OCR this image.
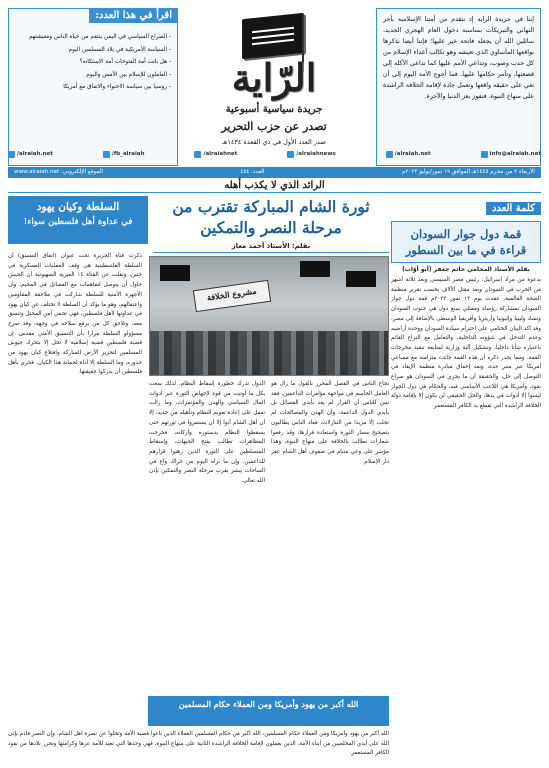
إننا في جريدة الراية إذ نتقدم من أمتنا الإسلامية بأحر التهاني والتبريكات بمناسبة دخول العام الهجري الجديد، سائلين الله أن يجعله فاتحة خير عليها؛ فإننا أيضا نذكرها بواقعها المأساوي الذي تعيشه وهو تكالب أعداء الإسلام من كل حدب وصوب، وتداعي الأمم عليها كما تداعى الأكلة إلى قصعتها، وتآمر حكامها عليها. فما أحوج الأمة اليوم إلى أن تعي على حقيقة واقعها وتعمل جادة لإقامة الخلافة الراشدة على منهاج النبوة، فنفوز بعز الدنيا والآخرة.

الرّاية
جريدة سياسية أسبوعية
تصدر عن حزب التحرير
صدر العدد الأول في ذي القعدة ١٤٣٤هـ
اقرأ في هذا العدد:
- الصراع السياسي في اليمن ينتقم من حياة الناس ومعيشتهم
- السياسة الأمريكية في بلاد المسلمين اليوم
- هل باتت أمة الفتوحات أمة الاستكانة؟
- العاملون للإسلام بين الأمس واليوم
- روسيا بين سياسة الاحتواء والاتفاق مع أمريكا
/alraiah.net	/fb_alraiah	/alraiahnet	/alraiahnews	/alraiah.net	info@alraiah.net
الأربعاء ٢ من محرم ١٤٤٥هـ الموافق ١٩ تموز/يوليو ٢٠٢٣م
العدد: ٤٥٤
الموقع الإلكتروني: www.alraiah.net
الرائد الذي لا يكذب أهله
كلمة العدد
قمة دول جوار السودان قراءة في ما بين السطور
بقلم الأستاذ المحامي حاتم جعفر (أبو أوّاب)
بدعوة من مراد أسرائيل: رئيس مصر السيسي وبعد ثلاثة أشهر من الحرب في السودان وبعد مقتل الآلاف بحسب تقرير منظمة الصحة العالمية، عقدت يوم ١٣ تموز ٢٠٢٣م قمة دول جوار السودان بمشاركة رؤساء وممثلي سبع دول هي جنوب السودان وتشاد وليبيا وإثيوبيا وأريتريا وأفريقيا الوسطى بالإضافة إلى مصر، وقد أكد البيان الختامي على احترام سيادة السودان ووحدة أراضيه وعدم التدخل في شؤونه الداخلية، والتعامل مع النزاع القائم باعتباره شأنا داخليا، وتشكيل آلية وزارية لمتابعة تنفيذ مخرجات القمة. ومما يجدر ذكره أن هذه القمة جاءت متزامنة مع مساعي أمريكا عبر منبر جدة، وبعد إخفاق مبادرة منظمة الإيقاد في التوصل إلى حل، والحقيقة أن ما يجري في السودان هو صراع نفوذ، وأمريكا هي اللاعب الأساسي فيه، والحكام في دول الجوار ليسوا إلا أدوات في يدها، والحل الحقيقي لن يكون إلا بإقامة دولة الخلافة الراشدة التي تقطع يد الكافر المستعمر.
السلطة وكيان يهود
في عداوة أهل فلسطين سواء!
ثورة الشام المباركة تقترب من مرحلة النصر والتمكين
بقلم: الأستاذ أحمد معاز
ذكرت قناة الجزيرة تحت عنوان (اتفاق التنسيق) أن السلطة الفلسطينية هي وقف العمليات العسكرية في جنين، ونقلت عن القناة ١٤ العبرية الصهيونية أن الجيش حاول أن يتوصل لتفاهمات مع الفصائل في المخيم، وأن الأجهزة الأمنية للسلطة شاركت في ملاحقة المقاومين واعتقالهم، وهو ما يؤكد أن السلطة لا تختلف عن كيان يهود في عداوتها لأهل فلسطين، فهي تحمي أمن المحتل وتنسق معه، وتلاحق كل من يرفع سلاحه في وجهه، وقد صرح مسؤولو السلطة مرارا بأن التنسيق الأمني مقدس. إن قضية فلسطين قضية إسلامية لا تحل إلا بتحرك جيوش المسلمين لتحرير الأرض المباركة واقتلاع كيان يهود من جذوره، وما السلطة إلا أداة لحماية هذا الكيان، فحري بأهل فلسطين أن يدركوا حقيقتها.
مشروع الخلافة
الدول تدرك خطورة إسقاط النظام، لذلك سعت بكل ما أوتيت من قوة لإجهاض الثورة عبر أدوات المال السياسي والهدن والمؤتمرات، وما زالت تعمل على إعادة تعويم النظام وتأهيله من جديد، إلا أن أهل الشام أبوا إلا أن يستمروا في ثورتهم حتى يسقطوا النظام بدستوره وأركانه، فخرجت المظاهرات تطالب بفتح الجبهات، وإسقاط المتسلطين على الثورة الذين رهنوا قرارهم للداعمين. وإن ما نراه اليوم من حراك واع في الساحات يبشر بقرب مرحلة النصر والتمكين بإذن الله تعالى.
نجاح الناس في الفصل المحرر بالقول ما زال هو العامل الحاسم في مواجهة مؤامرات الداعمين، فقد تبين للناس أن القرار لم يعد بأيدي الفصائل بل بأيدي الدول الداعمة، وأن الهدن والمصالحات لم تجلب إلا مزيدا من التنازلات، فعاد الناس يطالبون بتصحيح مسار الثورة واستعادة قرارها، وقد رفعوا شعارات تطالب بالخلافة على منهاج النبوة، وهذا مؤشر على وعي متنام في صفوف أهل الشام عقر دار الإسلام.
الله أكبر من يهود وأمريكا ومن العملاء حكام المسلمين
الله أكبر من يهود وأمريكا ومن العملاء حكام المسلمين، الله أكبر من حكام المسلمين العملاء الذين باعوا قضية الأمة وتخلوا عن نصرة أهل الشام، وإن النصر قادم بإذن الله على أيدي المخلصين من أبناء الأمة، الذين يعملون لإقامة الخلافة الراشدة الثانية على منهاج النبوة، فهي وحدها التي تعيد للأمة عزها وكرامتها وتحرر بلادها من نفوذ الكافر المستعمر.
